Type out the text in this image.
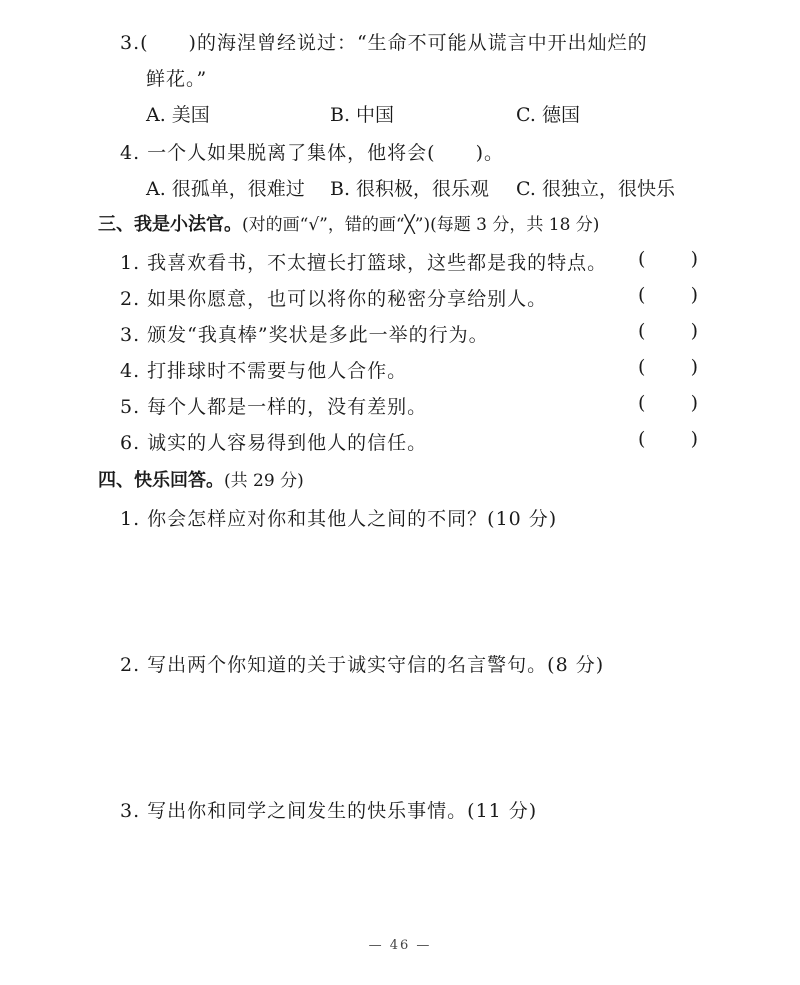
3.(　　)的海涅曾经说过：“生命不可能从谎言中开出灿烂的
鲜花。”
A. 美国	B. 中国	C. 德国
4. 一个人如果脱离了集体，他将会(　　)。
A. 很孤单，很难过 B. 很积极，很乐观 C. 很独立，很快乐
三、我是小法官。(对的画“√”，错的画“╳”)(每题 3 分，共 18 分)
1. 我喜欢看书，不太擅长打篮球，这些都是我的特点。 ( )
2. 如果你愿意，也可以将你的秘密分享给别人。	( )
3. 颁发“我真棒”奖状是多此一举的行为。	( )
4. 打排球时不需要与他人合作。	( )
5. 每个人都是一样的，没有差别。	( )
6. 诚实的人容易得到他人的信任。	( )
四、快乐回答。(共 29 分)
1. 你会怎样应对你和其他人之间的不同？(10 分)
2. 写出两个你知道的关于诚实守信的名言警句。(8 分)
3. 写出你和同学之间发生的快乐事情。(11 分)
— 46 —
